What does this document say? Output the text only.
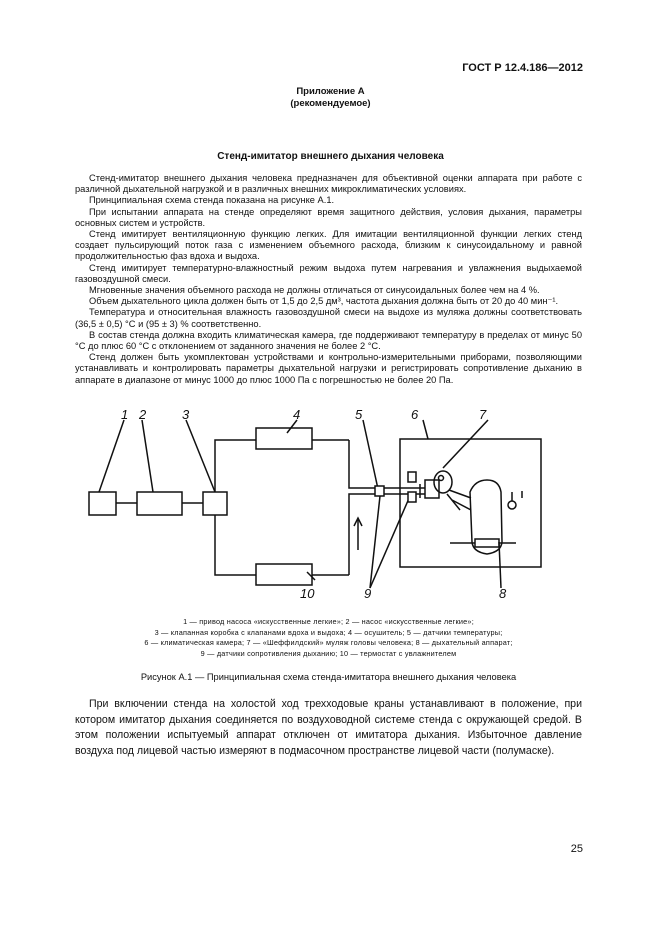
ГОСТ Р 12.4.186—2012
Приложение А
(рекомендуемое)
Стенд-имитатор внешнего дыхания человека

Стенд-имитатор внешнего дыхания человека предназначен для объективной оценки аппарата при работе с различной дыхательной нагрузкой и в различных внешних микроклиматических условиях.

Принципиальная схема стенда показана на рисунке А.1.

При испытании аппарата на стенде определяют время защитного действия, условия дыхания, параметры основных систем и устройств.

Стенд имитирует вентиляционную функцию легких. Для имитации вентиляционной функции легких стенд создает пульсирующий поток газа с изменением объемного расхода, близким к синусоидальному и равной продолжительностью фаз вдоха и выдоха.

Стенд имитирует температурно-влажностный режим выдоха путем нагревания и увлажнения выдыхаемой газовоздушной смеси.

Мгновенные значения объемного расхода не должны отличаться от синусоидальных более чем на 4 %.

Объем дыхательного цикла должен быть от 1,5 до 2,5 дм³, частота дыхания должна быть от 20 до 40 мин⁻¹.

Температура и относительная влажность газовоздушной смеси на выдохе из муляжа должны соответствовать (36,5 ± 0,5) °С и (95 ± 3) % соответственно.

В состав стенда должна входить климатическая камера, где поддерживают температуру в пределах от минус 50 °С до плюс 60 °С с отклонением от заданного значения не более 2 °С.

Стенд должен быть укомплектован устройствами и контрольно-измерительными приборами, позволяющими устанавливать и контролировать параметры дыхательной нагрузки и регистрировать сопротивление дыханию в аппарате в диапазоне от минус 1000 до плюс 1000 Па с погрешностью не более 20 Па.

1 2	3	4	5	6	7
8
9
10
1 — привод насоса «искусственные легкие»; 2 — насос «искусственные легкие»;
3 — клапанная коробка с клапанами вдоха и выдоха; 4 — осушитель; 5 — датчики температуры;
6 — климатическая камера; 7 — «Шеффилдский» муляж головы человека; 8 — дыхательный аппарат;
9 — датчики сопротивления дыханию; 10 — термостат с увлажнителем
Рисунок А.1 — Принципиальная схема стенда-имитатора внешнего дыхания человека

При включении стенда на холостой ход трехходовые краны устанавливают в положение, при котором имитатор дыхания соединяется по воздуховодной системе стенда с окружающей средой. В этом положении испытуемый аппарат отключен от имитатора дыхания. Избыточное давление воздуха под лицевой частью измеряют в подмасочном пространстве лицевой части (полумаске).

25
